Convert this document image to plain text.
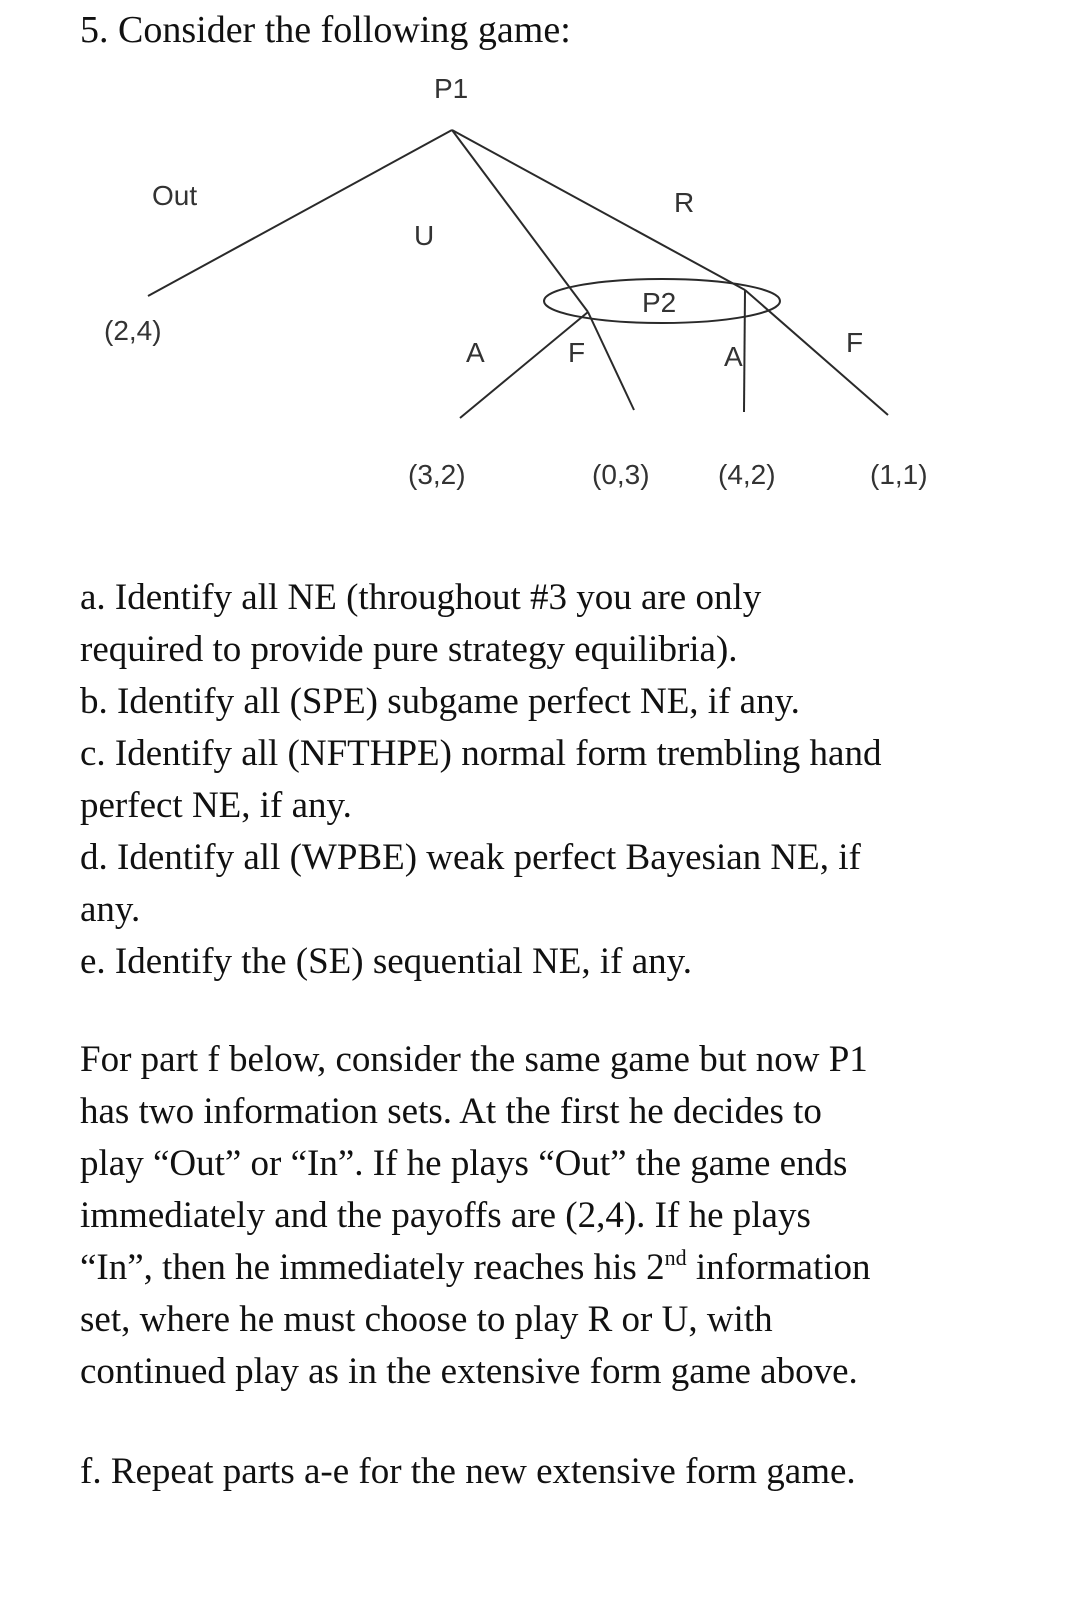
5. Consider the following game:
P1
Out
U
R
P2
A	F	A	F
(2,4)
(3,2)	(0,3) (4,2)	(1,1)
a. Identify all NE (throughout #3 you are only
required to provide pure strategy equilibria).
b. Identify all (SPE) subgame perfect NE, if any.
c. Identify all (NFTHPE) normal form trembling hand
perfect NE, if any.
d. Identify all (WPBE) weak perfect Bayesian NE, if
any.
e. Identify the (SE) sequential NE, if any.
For part f below, consider the same game but now P1
has two information sets. At the first he decides to
play “Out” or “In”. If he plays “Out” the game ends
immediately and the payoffs are (2,4). If he plays
“In”, then he immediately reaches his 2nd information
set, where he must choose to play R or U, with
continued play as in the extensive form game above.
f. Repeat parts a-e for the new extensive form game.
